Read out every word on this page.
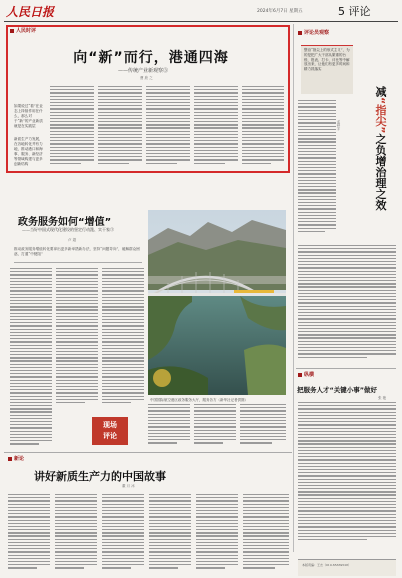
人民日报	2024年6月7日 星期五	5 评论
人民时评
向“新”而行，港通四海
——传统产业新观察③
曹 欣 之
如果说过“看”在业态上持续作用在什么，那么对于“新”的产业新质就是在实践层
新质生产力发展，在各地转化并有力地，推动港口和海事、服务、新经济等领域构建与更多创新结构
评论员观察
整治“指尖上的形式主义”，为的是把广大干部从繁重的台账、报表、打卡、评比等中解放出来，让他们有更多时间和精力抓落实
减“指尖”之负增治理之效
孟祥宇
纵横
把服务人才“关键小事”做好
张 艳
政务服务如何“增值”
——当好中国式现代化建设的坚定行动派、实干家③
卢 超
推动政务服务增值转化要拿出更多新举措新办法，坚持“问题导向”，破解群众困惑，打通“中梗阻”
中国国际航空港区政务服务大厅，服务各方（新华社记者供图）
现场
评论
新论
讲好新质生产力的中国故事
董 月 冰
本版责编：王志（010-65369528）
